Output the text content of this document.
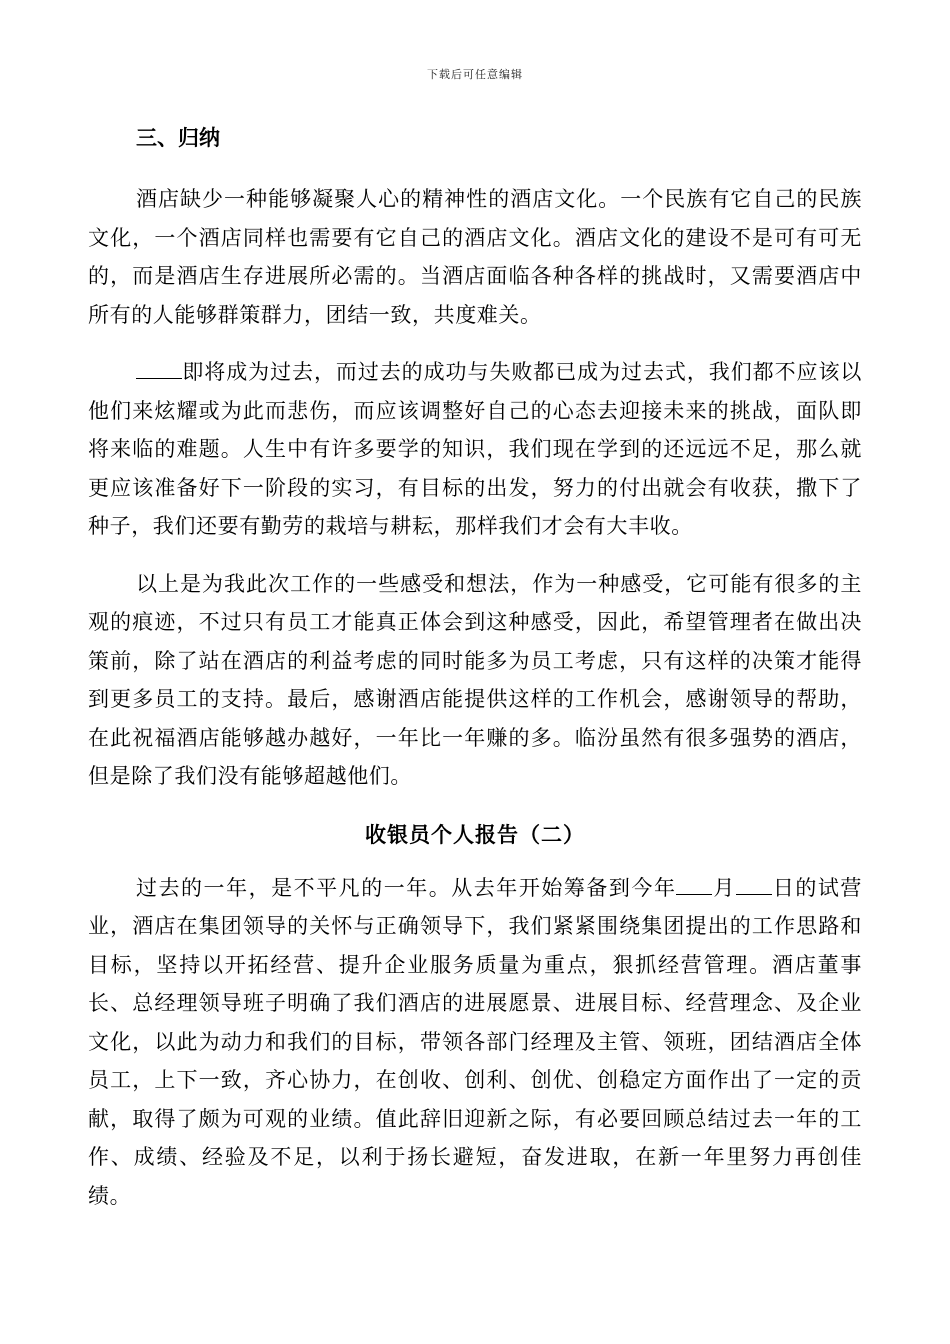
下载后可任意编辑
三、归纳

酒店缺少一种能够凝聚人心的精神性的酒店文化。一个民族有它自己的民族文化，一个酒店同样也需要有它自己的酒店文化。酒店文化的建设不是可有可无的，而是酒店生存进展所必需的。当酒店面临各种各样的挑战时，又需要酒店中所有的人能够群策群力，团结一致，共度难关。

即将成为过去，而过去的成功与失败都已成为过去式，我们都不应该以他们来炫耀或为此而悲伤，而应该调整好自己的心态去迎接未来的挑战，面队即将来临的难题。人生中有许多要学的知识，我们现在学到的还远远不足，那么就更应该准备好下一阶段的实习，有目标的出发，努力的付出就会有收获，撒下了种子，我们还要有勤劳的栽培与耕耘，那样我们才会有大丰收。

以上是为我此次工作的一些感受和想法，作为一种感受，它可能有很多的主观的痕迹，不过只有员工才能真正体会到这种感受，因此，希望管理者在做出决策前，除了站在酒店的利益考虑的同时能多为员工考虑，只有这样的决策才能得到更多员工的支持。最后，感谢酒店能提供这样的工作机会，感谢领导的帮助，在此祝福酒店能够越办越好，一年比一年赚的多。临汾虽然有很多强势的酒店，但是除了我们没有能够超越他们。

收银员个人报告（二）

过去的一年，是不平凡的一年。从去年开始筹备到今年 月 日的试营业，酒店在集团领导的关怀与正确领导下，我们紧紧围绕集团提出的工作思路和目标，坚持以开拓经营、提升企业服务质量为重点，狠抓经营管理。酒店董事长、总经理领导班子明确了我们酒店的进展愿景、进展目标、经营理念、及企业文化，以此为动力和我们的目标，带领各部门经理及主管、领班，团结酒店全体员工，上下一致，齐心协力，在创收、创利、创优、创稳定方面作出了一定的贡献，取得了颇为可观的业绩。值此辞旧迎新之际，有必要回顾总结过去一年的工作、成绩、经验及不足，以利于扬长避短，奋发进取，在新一年里努力再创佳绩。
